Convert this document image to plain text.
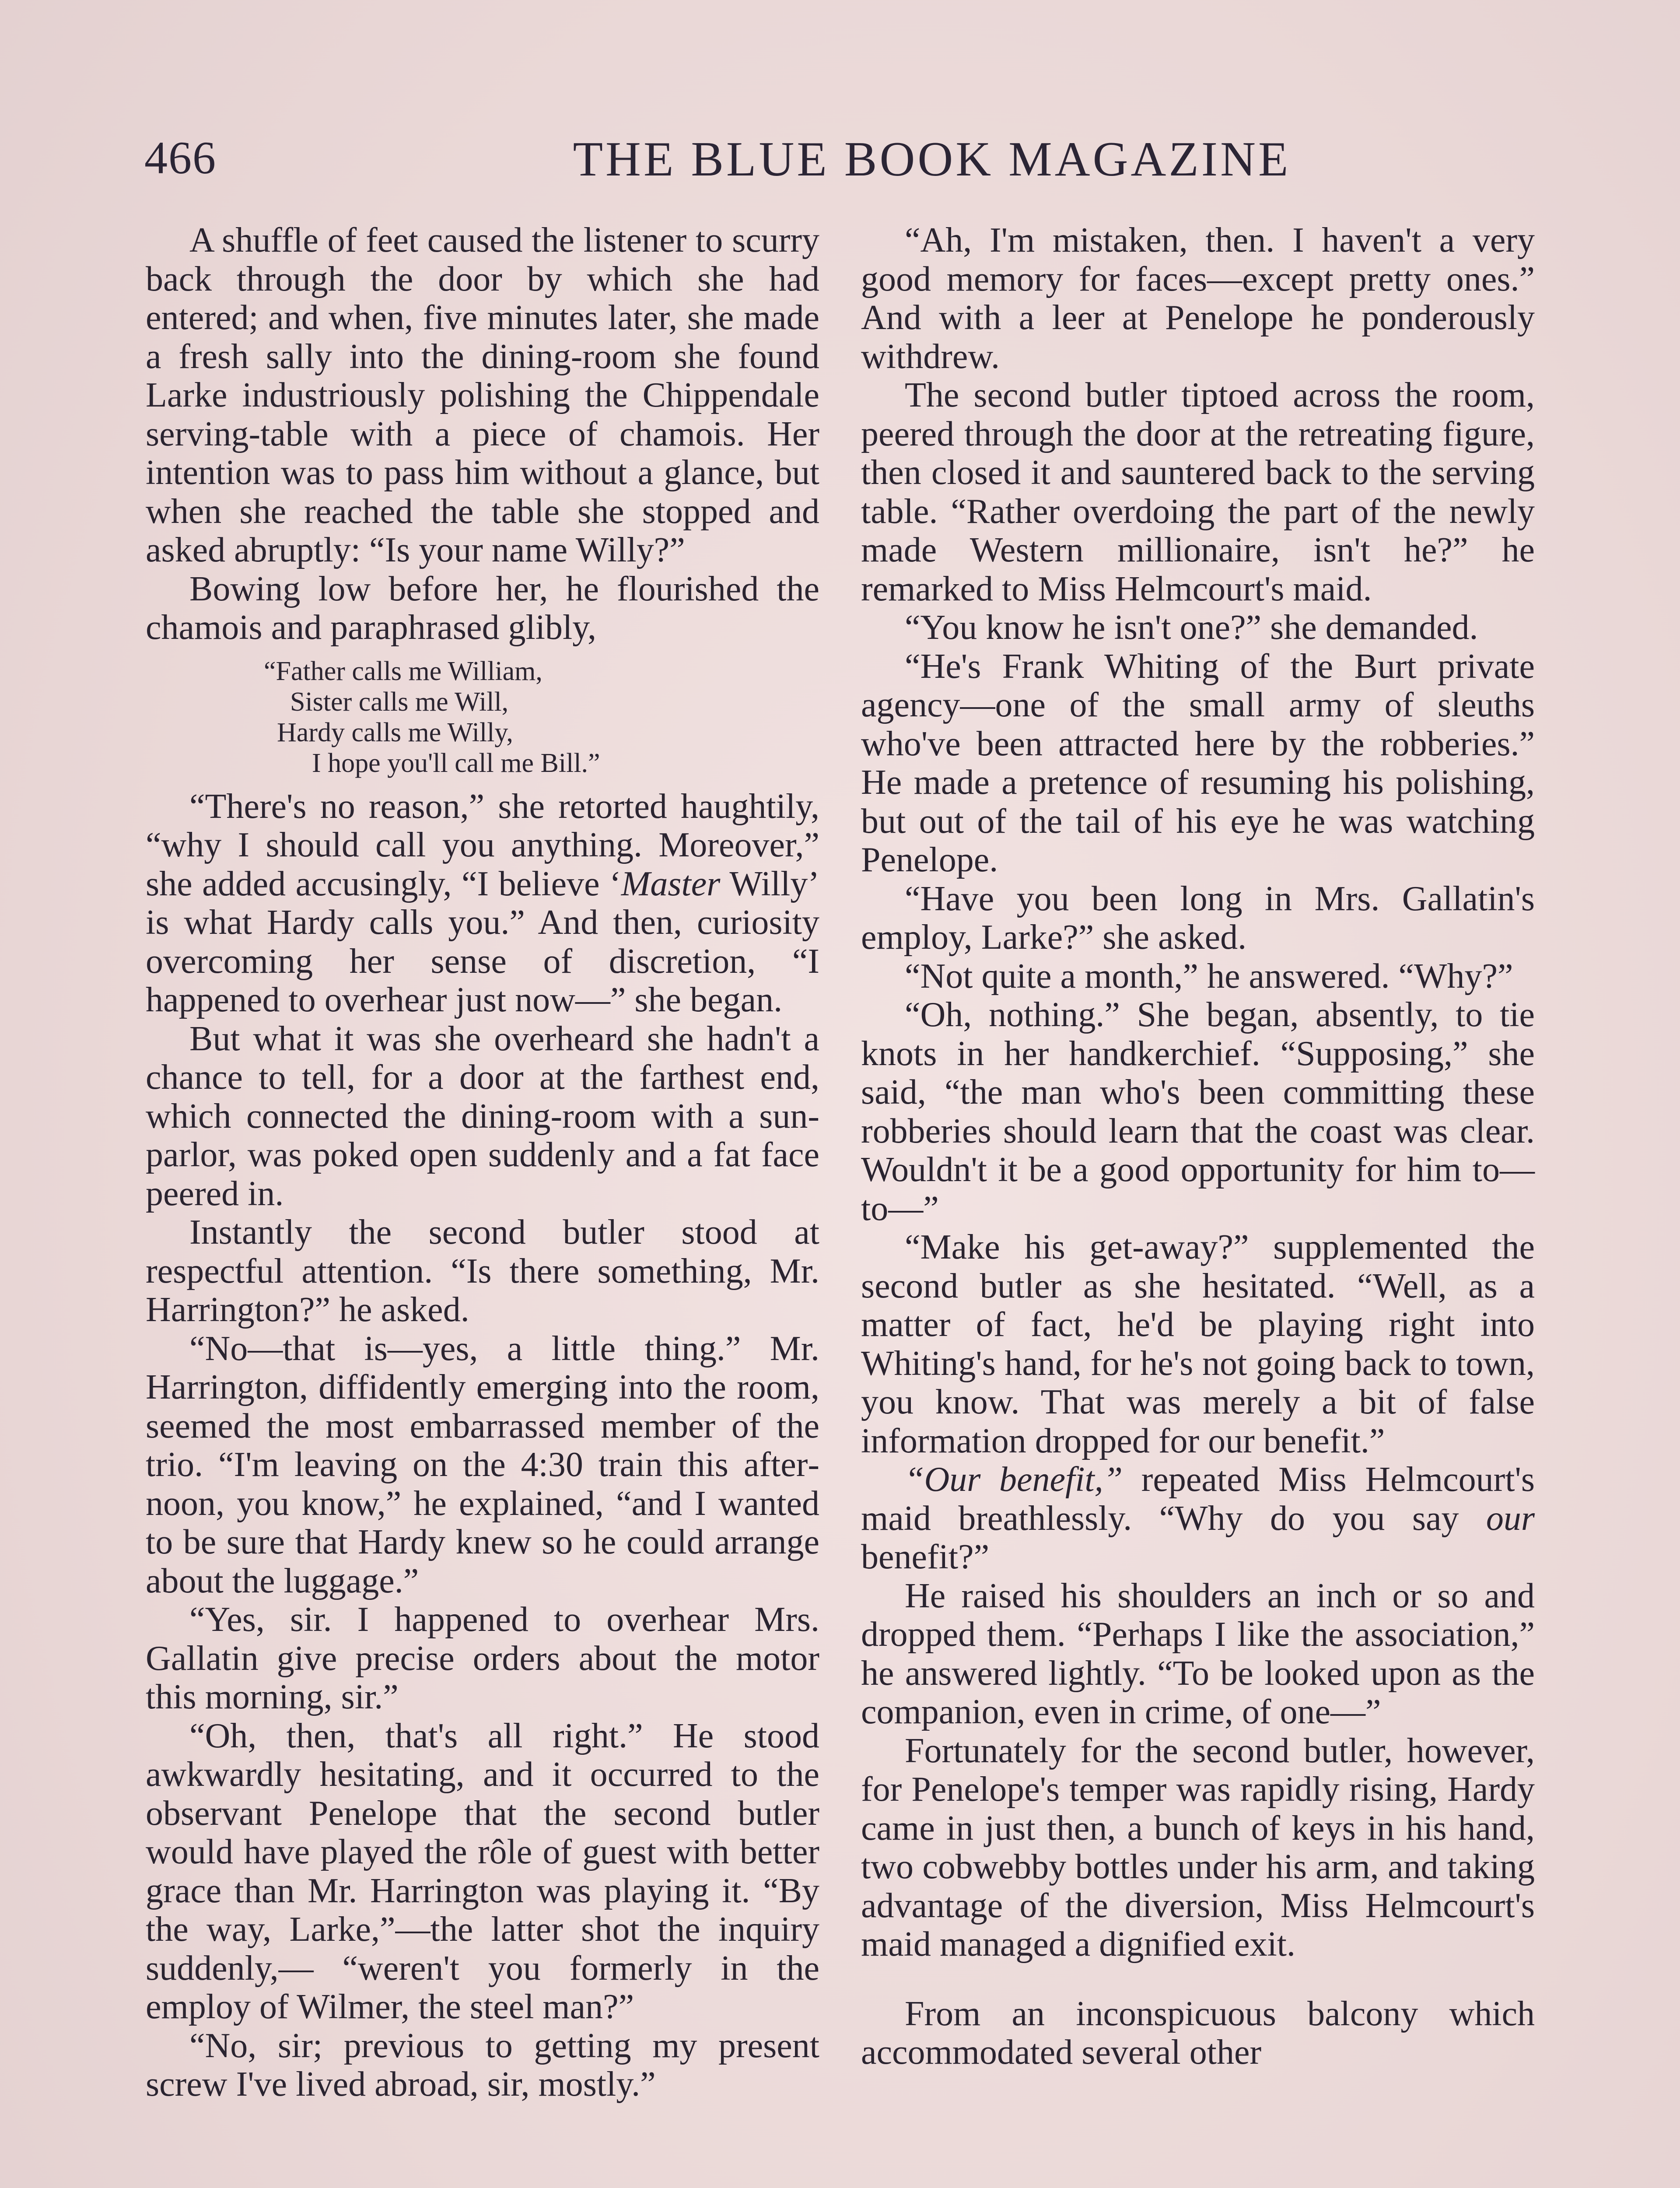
466	THE BLUE BOOK MAGAZINE

A shuffle of feet caused the listener to scurry back through the door by which she had entered; and when, five minutes later, she made a fresh sally into the dining-room she found Larke industriously polishing the Chippendale serving-table with a piece of chamois. Her intention was to pass him without a glance, but when she reached the table she stopped and asked abruptly: “Is your name Willy?”

Bowing low before her, he flourished the chamois and paraphrased glibly,

“Father calls me William,
Sister calls me Will,
Hardy calls me Willy,
I hope you'll call me Bill.”

“There's no reason,” she retorted haughtily, “why I should call you anything. Moreover,” she added accusingly, “I believe ‘Master Willy’ is what Hardy calls you.” And then, curiosity overcoming her sense of discretion, “I happened to overhear just now—” she began.

But what it was she overheard she hadn't a chance to tell, for a door at the farthest end, which connected the dining-room with a sun-parlor, was poked open suddenly and a fat face peered in.

Instantly the second butler stood at respectful attention. “Is there something, Mr. Harrington?” he asked.

“No—that is—yes, a little thing.” Mr. Harrington, diffidently emerging into the room, seemed the most embarrassed member of the trio. “I'm leaving on the 4:30 train this afternoon, you know,” he explained, “and I wanted to be sure that Hardy knew so he could arrange about the luggage.”

“Yes, sir. I happened to overhear Mrs. Gallatin give precise orders about the motor this morning, sir.”

“Oh, then, that's all right.” He stood awkwardly hesitating, and it occurred to the observant Penelope that the second butler would have played the rôle of guest with better grace than Mr. Harrington was playing it. “By the way, Larke,”—the latter shot the inquiry suddenly,— “weren't you formerly in the employ of Wilmer, the steel man?”

“No, sir; previous to getting my present screw I've lived abroad, sir, mostly.”

“Ah, I'm mistaken, then. I haven't a very good memory for faces—except pretty ones.” And with a leer at Penelope he ponderously withdrew.

The second butler tiptoed across the room, peered through the door at the retreating figure, then closed it and sauntered back to the serving table. “Rather overdoing the part of the newly made Western millionaire, isn't he?” he remarked to Miss Helmcourt's maid.

“You know he isn't one?” she demanded.

“He's Frank Whiting of the Burt private agency—one of the small army of sleuths who've been attracted here by the robberies.” He made a pretence of resuming his polishing, but out of the tail of his eye he was watching Penelope.

“Have you been long in Mrs. Gallatin's employ, Larke?” she asked.

“Not quite a month,” he answered. “Why?”

“Oh, nothing.” She began, absently, to tie knots in her handkerchief. “Supposing,” she said, “the man who's been committing these robberies should learn that the coast was clear. Wouldn't it be a good opportunity for him to—to—”

“Make his get-away?” supplemented the second butler as she hesitated. “Well, as a matter of fact, he'd be playing right into Whiting's hand, for he's not going back to town, you know. That was merely a bit of false information dropped for our benefit.”

“Our benefit,” repeated Miss Helmcourt's maid breathlessly. “Why do you say our benefit?”

He raised his shoulders an inch or so and dropped them. “Perhaps I like the association,” he answered lightly. “To be looked upon as the companion, even in crime, of one—”

Fortunately for the second butler, however, for Penelope's temper was rapidly rising, Hardy came in just then, a bunch of keys in his hand, two cobwebby bottles under his arm, and taking advantage of the diversion, Miss Helmcourt's maid managed a dignified exit.

From an inconspicuous balcony which accommodated several other
